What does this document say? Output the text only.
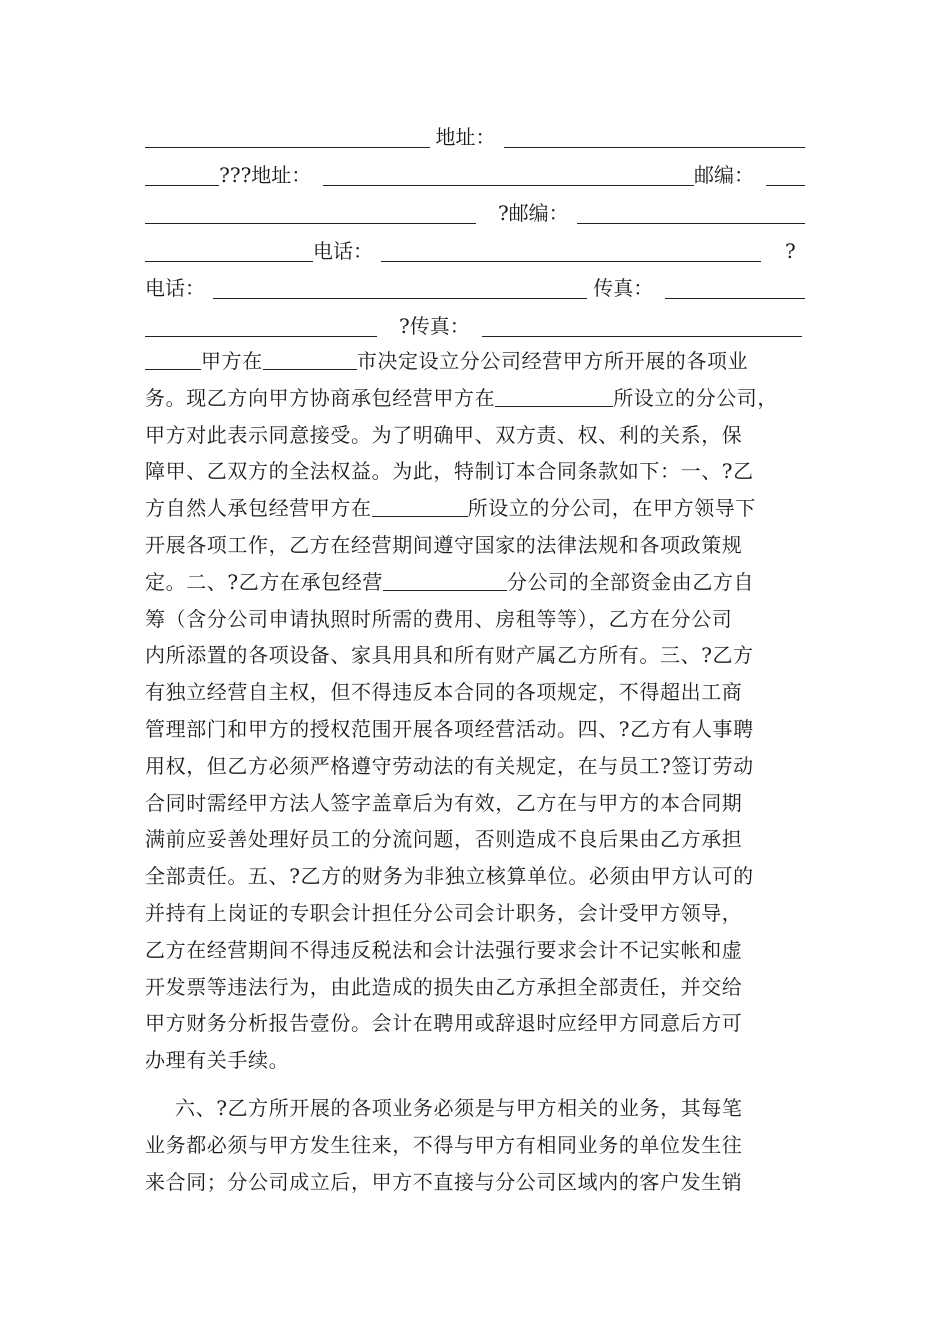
地址：
???地址：	邮编：
?邮编：
电话：	?
电话：	传真：
?传真：
甲方在	市决定设立分公司经营甲方所开展的各项业
务。现乙方向甲方协商承包经营甲方在	所设立的分公司，
甲方对此表示同意接受。为了明确甲、双方责、权、利的关系，保
障甲、乙双方的全法权益。为此，特制订本合同条款如下：一、?乙
方自然人承包经营甲方在	所设立的分公司，在甲方领导下
开展各项工作，乙方在经营期间遵守国家的法律法规和各项政策规
定。二、?乙方在承包经营	分公司的全部资金由乙方自
筹（含分公司申请执照时所需的费用、房租等等），乙方在分公司
内所添置的各项设备、家具用具和所有财产属乙方所有。三、?乙方
有独立经营自主权，但不得违反本合同的各项规定，不得超出工商
管理部门和甲方的授权范围开展各项经营活动。四、?乙方有人事聘
用权，但乙方必须严格遵守劳动法的有关规定，在与员工?签订劳动
合同时需经甲方法人签字盖章后为有效，乙方在与甲方的本合同期
满前应妥善处理好员工的分流问题，否则造成不良后果由乙方承担
全部责任。五、?乙方的财务为非独立核算单位。必须由甲方认可的
并持有上岗证的专职会计担任分公司会计职务，会计受甲方领导，
乙方在经营期间不得违反税法和会计法强行要求会计不记实帐和虚
开发票等违法行为，由此造成的损失由乙方承担全部责任，并交给
甲方财务分析报告壹份。会计在聘用或辞退时应经甲方同意后方可
办理有关手续。
六、?乙方所开展的各项业务必须是与甲方相关的业务，其每笔
业务都必须与甲方发生往来，不得与甲方有相同业务的单位发生往
来合同；分公司成立后，甲方不直接与分公司区域内的客户发生销
